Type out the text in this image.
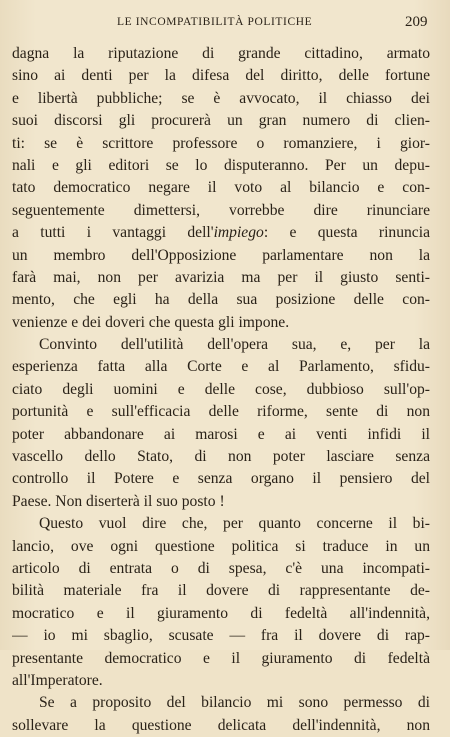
LE INCOMPATIBILITÀ POLITICHE	209
dagna la riputazione di grande cittadino, armato
sino ai denti per la difesa del diritto, delle fortune
e libertà pubbliche; se è avvocato, il chiasso dei
suoi discorsi gli procurerà un gran numero di clien-
ti: se è scrittore professore o romanziere, i gior-
nali e gli editori se lo disputeranno. Per un depu-
tato democratico negare il voto al bilancio e con-
seguentemente dimettersi, vorrebbe dire rinunciare
a tutti i vantaggi dell'impiego: e questa rinuncia
un membro dell'Opposizione parlamentare non la
farà mai, non per avarizia ma per il giusto senti-
mento, che egli ha della sua posizione delle con-
venienze e dei doveri che questa gli impone.
Convinto dell'utilità dell'opera sua, e, per la
esperienza fatta alla Corte e al Parlamento, sfidu-
ciato degli uomini e delle cose, dubbioso sull'op-
portunità e sull'efficacia delle riforme, sente di non
poter abbandonare ai marosi e ai venti infidi il
vascello dello Stato, di non poter lasciare senza
controllo il Potere e senza organo il pensiero del
Paese. Non diserterà il suo posto !
Questo vuol dire che, per quanto concerne il bi-
lancio, ove ogni questione politica si traduce in un
articolo di entrata o di spesa, c'è una incompati-
bilità materiale fra il dovere di rappresentante de-
mocratico e il giuramento di fedeltà all'indennità,
— io mi sbaglio, scusate — fra il dovere di rap-
presentante democratico e il giuramento di fedeltà
all'Imperatore.
Se a proposito del bilancio mi sono permesso di
sollevare la questione delicata dell'indennità, non
